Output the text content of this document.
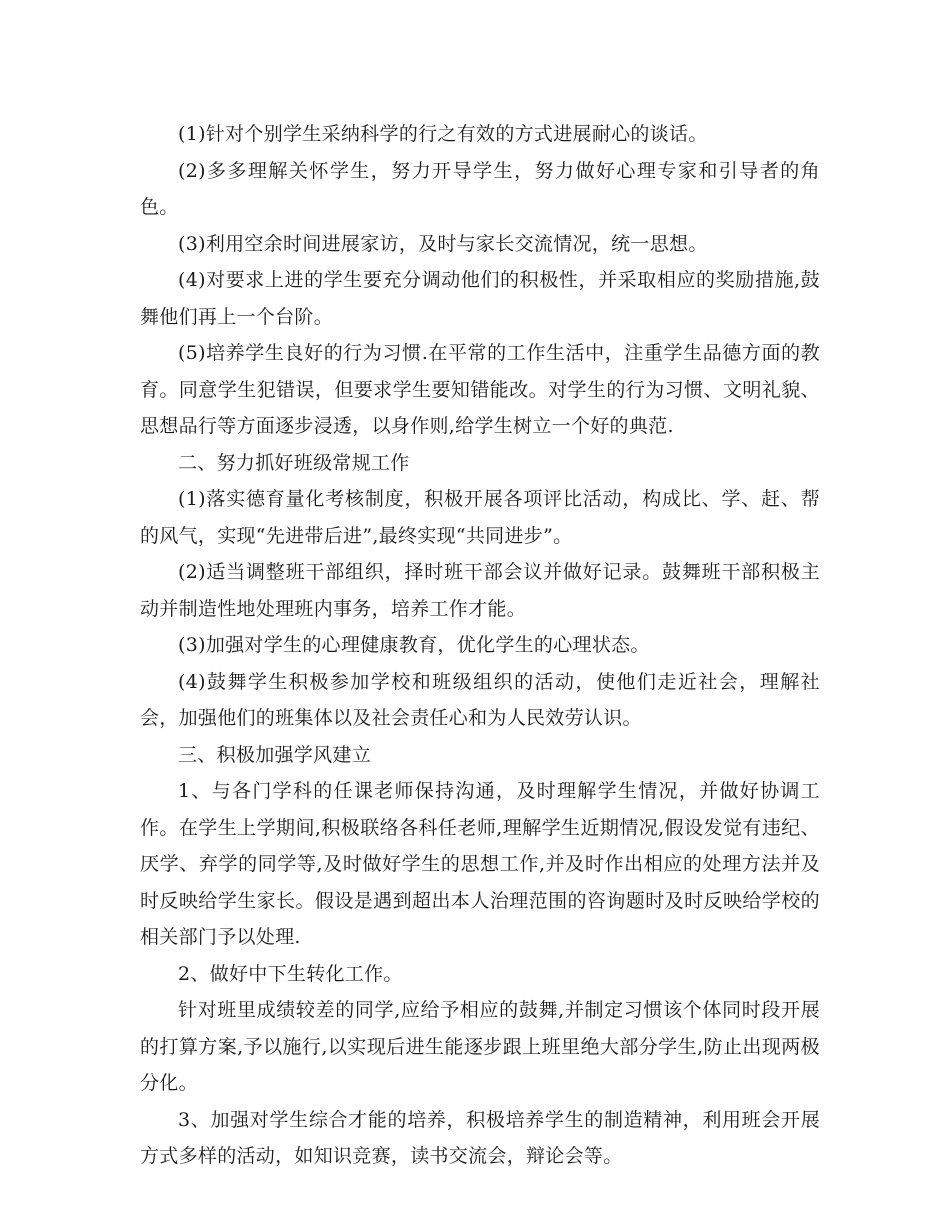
(1)针对个别学生采纳科学的行之有效的方式进展耐心的谈话。

(2)多多理解关怀学生，努力开导学生，努力做好心理专家和引导者的角色。

(3)利用空余时间进展家访，及时与家长交流情况，统一思想。

(4)对要求上进的学生要充分调动他们的积极性，并采取相应的奖励措施,鼓舞他们再上一个台阶。

(5)培养学生良好的行为习惯.在平常的工作生活中，注重学生品德方面的教育。同意学生犯错误，但要求学生要知错能改。对学生的行为习惯、文明礼貌、思想品行等方面逐步浸透，以身作则,给学生树立一个好的典范.

二、努力抓好班级常规工作

(1)落实德育量化考核制度，积极开展各项评比活动，构成比、学、赶、帮的风气，实现“先进带后进”,最终实现“共同进步”。

(2)适当调整班干部组织，择时班干部会议并做好记录。鼓舞班干部积极主动并制造性地处理班内事务，培养工作才能。

(3)加强对学生的心理健康教育，优化学生的心理状态。

(4)鼓舞学生积极参加学校和班级组织的活动，使他们走近社会，理解社会，加强他们的班集体以及社会责任心和为人民效劳认识。

三、积极加强学风建立

1、与各门学科的任课老师保持沟通，及时理解学生情况，并做好协调工作。在学生上学期间,积极联络各科任老师,理解学生近期情况,假设发觉有违纪、厌学、弃学的同学等,及时做好学生的思想工作,并及时作出相应的处理方法并及时反映给学生家长。假设是遇到超出本人治理范围的咨询题时及时反映给学校的相关部门予以处理.

2、做好中下生转化工作。

针对班里成绩较差的同学,应给予相应的鼓舞,并制定习惯该个体同时段开展的打算方案,予以施行,以实现后进生能逐步跟上班里绝大部分学生,防止出现两极分化。

3、加强对学生综合才能的培养，积极培养学生的制造精神，利用班会开展方式多样的活动，如知识竞赛，读书交流会，辩论会等。
